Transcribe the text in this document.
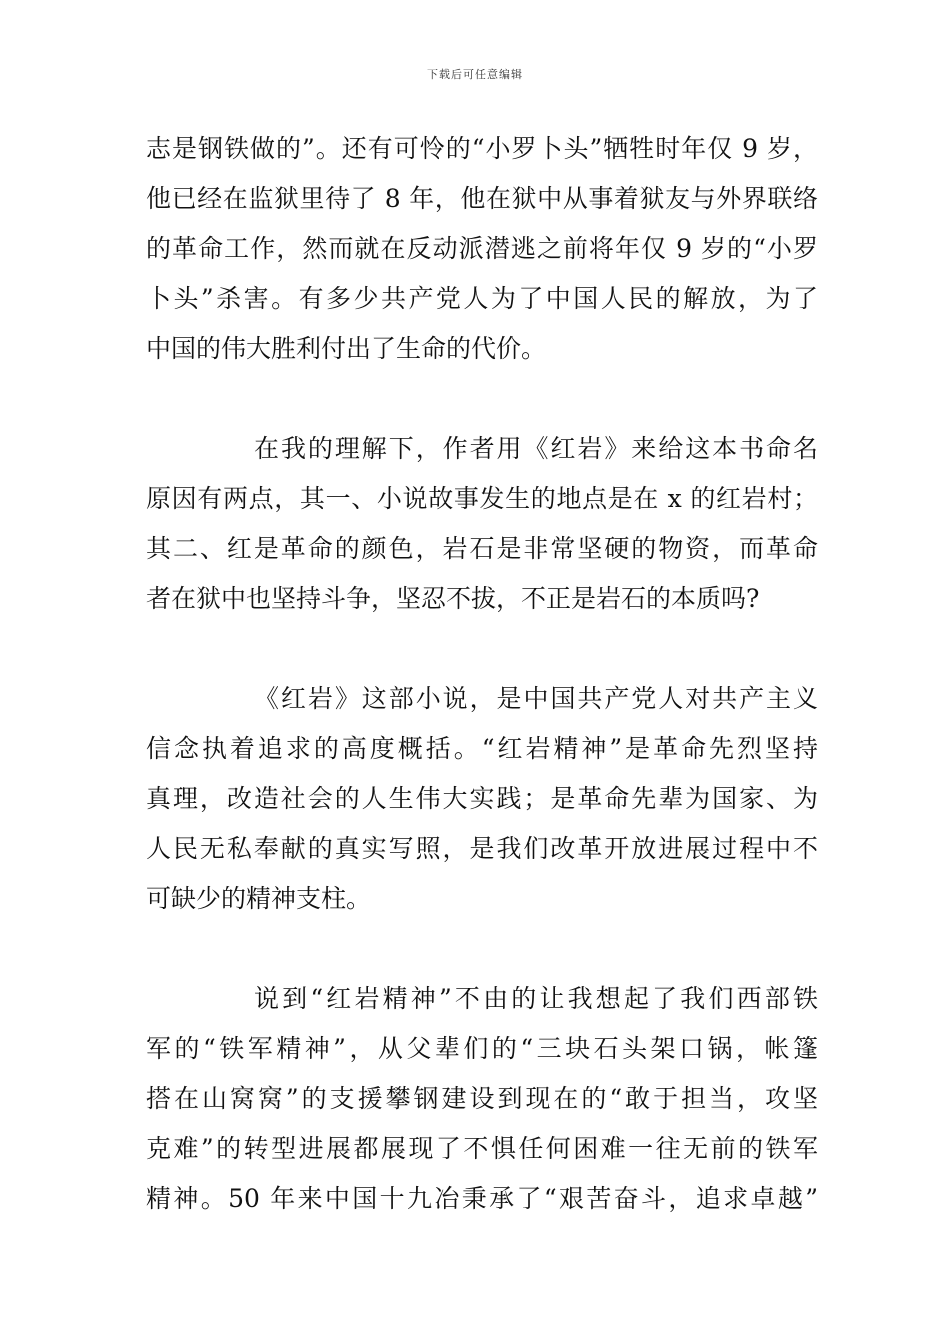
下载后可任意编辑
志是钢铁做的”。还有可怜的“小罗卜头”牺牲时年仅 9 岁，
他已经在监狱里待了 8 年，他在狱中从事着狱友与外界联络
的革命工作，然而就在反动派潜逃之前将年仅 9 岁的“小罗
卜头”杀害。有多少共产党人为了中国人民的解放，为了
中国的伟大胜利付出了生命的代价。
在我的理解下，作者用《红岩》来给这本书命名
原因有两点，其一、小说故事发生的地点是在 x 的红岩村；
其二、红是革命的颜色，岩石是非常坚硬的物资，而革命
者在狱中也坚持斗争，坚忍不拔，不正是岩石的本质吗?
《红岩》这部小说，是中国共产党人对共产主义
信念执着追求的高度概括。“红岩精神”是革命先烈坚持
真理，改造社会的人生伟大实践；是革命先辈为国家、为
人民无私奉献的真实写照，是我们改革开放进展过程中不
可缺少的精神支柱。
说到“红岩精神”不由的让我想起了我们西部铁
军的“铁军精神”，从父辈们的“三块石头架口锅，帐篷
搭在山窝窝”的支援攀钢建设到现在的“敢于担当，攻坚
克难”的转型进展都展现了不惧任何困难一往无前的铁军
精神。50 年来中国十九冶秉承了“艰苦奋斗，追求卓越”
